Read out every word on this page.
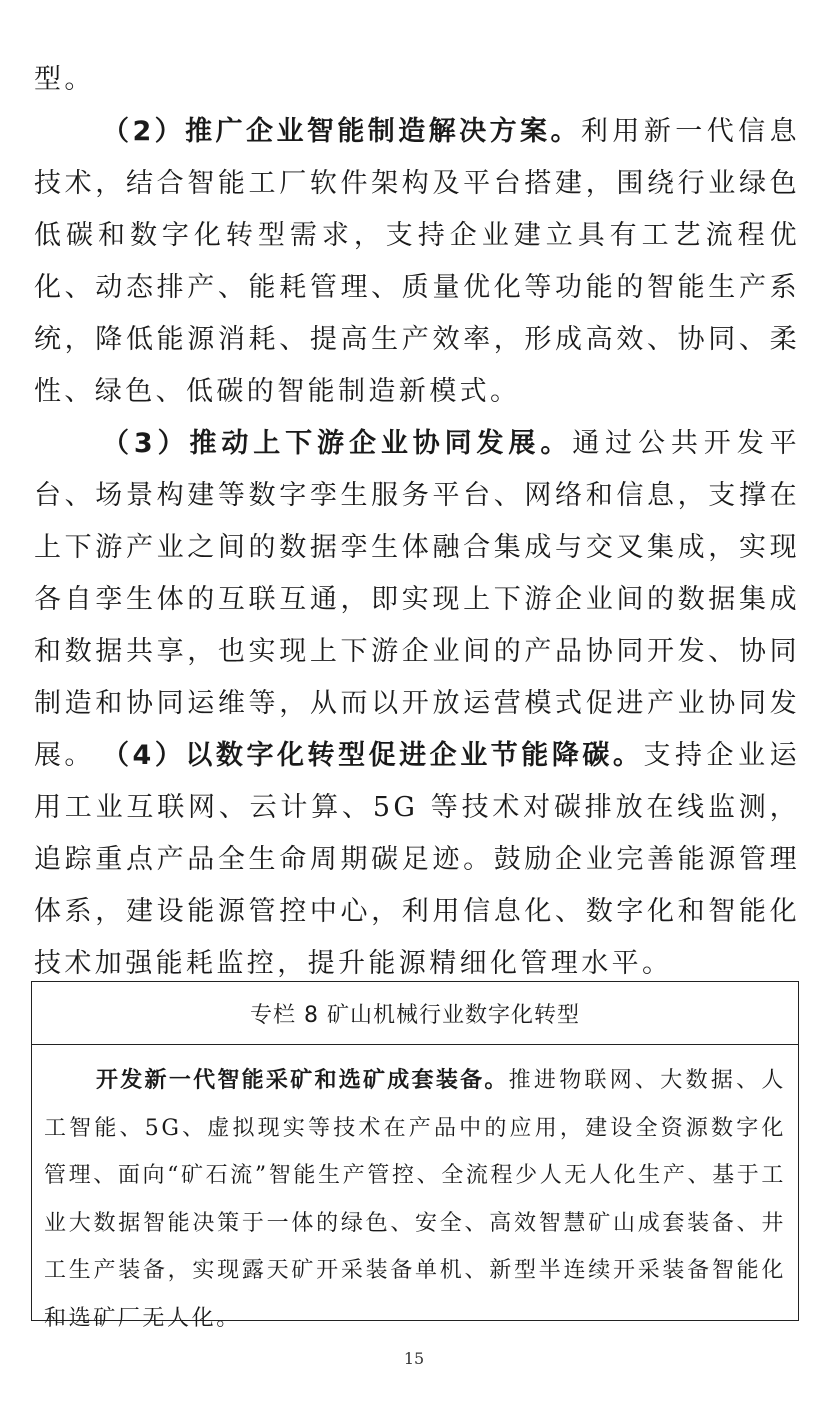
型。

（2）推广企业智能制造解决方案。利用新一代信息技术，结合智能工厂软件架构及平台搭建，围绕行业绿色低碳和数字化转型需求，支持企业建立具有工艺流程优化、动态排产、能耗管理、质量优化等功能的智能生产系统，降低能源消耗、提高生产效率，形成高效、协同、柔性、绿色、低碳的智能制造新模式。

（3）推动上下游企业协同发展。通过公共开发平台、场景构建等数字孪生服务平台、网络和信息，支撑在上下游产业之间的数据孪生体融合集成与交叉集成，实现各自孪生体的互联互通，即实现上下游企业间的数据集成和数据共享，也实现上下游企业间的产品协同开发、协同制造和协同运维等，从而以开放运营模式促进产业协同发展。 （4）以数字化转型促进企业节能降碳。支持企业运用工业互联网、云计算、5G 等技术对碳排放在线监测，追踪重点产品全生命周期碳足迹。鼓励企业完善能源管理体系，建设能源管控中心，利用信息化、数字化和智能化技术加强能耗监控，提升能源精细化管理水平。

专栏 8 矿山机械行业数字化转型

开发新一代智能采矿和选矿成套装备。推进物联网、大数据、人工智能、5G、虚拟现实等技术在产品中的应用，建设全资源数字化管理、面向“矿石流”智能生产管控、全流程少人无人化生产、基于工业大数据智能决策于一体的绿色、安全、高效智慧矿山成套装备、井工生产装备，实现露天矿开采装备单机、新型半连续开采装备智能化和选矿厂无人化。

15
